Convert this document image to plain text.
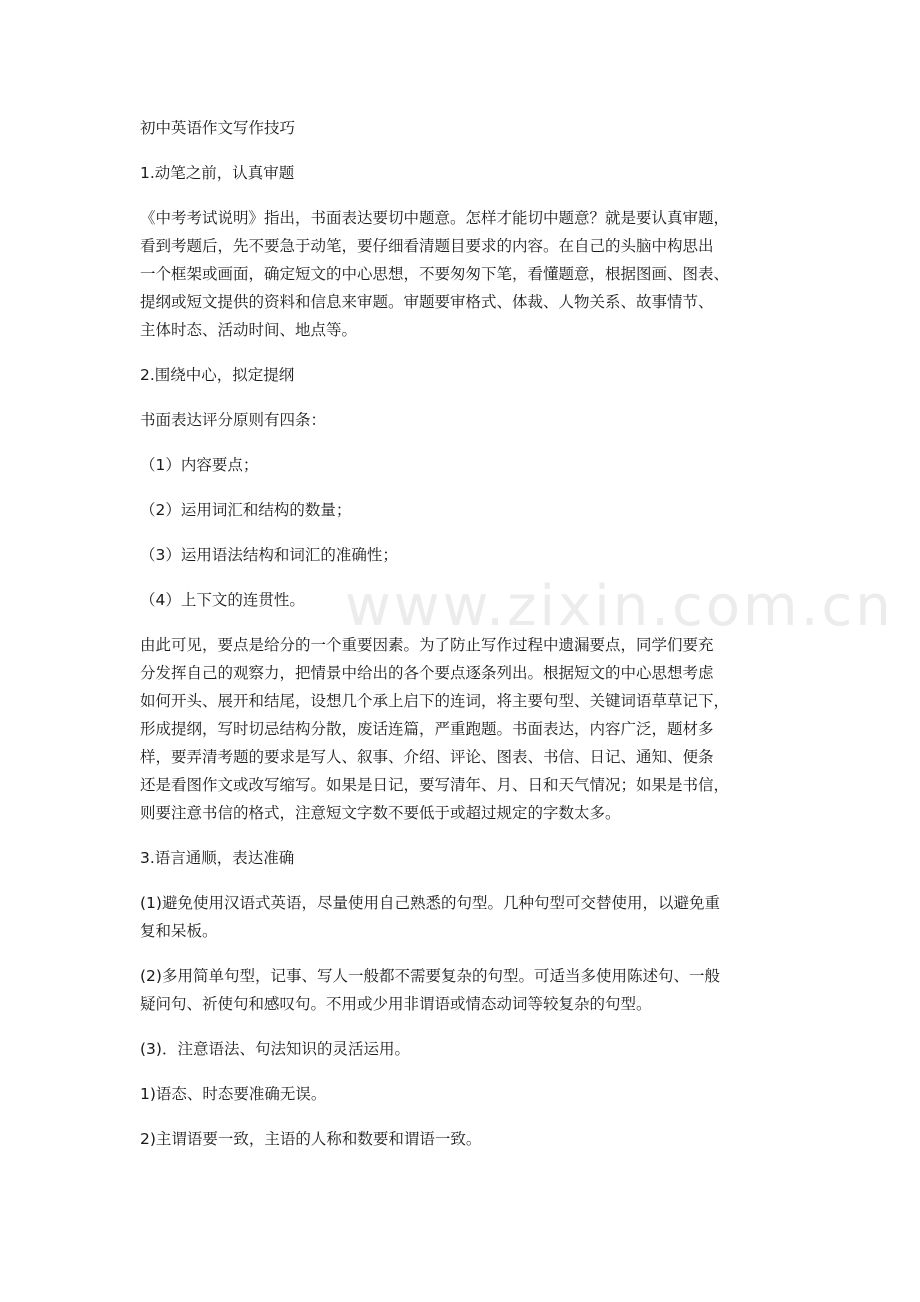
www.zixin.com.cn

初中英语作文写作技巧

1.动笔之前，认真审题

《中考考试说明》指出，书面表达要切中题意。怎样才能切中题意？就是要认真审题，
看到考题后，先不要急于动笔，要仔细看清题目要求的内容。在自己的头脑中构思出
一个框架或画面，确定短文的中心思想，不要匆匆下笔，看懂题意，根据图画、图表、
提纲或短文提供的资料和信息来审题。审题要审格式、体裁、人物关系、故事情节、
主体时态、活动时间、地点等。

2.围绕中心，拟定提纲

书面表达评分原则有四条：

（1）内容要点；

（2）运用词汇和结构的数量；

（3）运用语法结构和词汇的准确性；

（4）上下文的连贯性。

由此可见，要点是给分的一个重要因素。为了防止写作过程中遗漏要点，同学们要充
分发挥自己的观察力，把情景中给出的各个要点逐条列出。根据短文的中心思想考虑
如何开头、展开和结尾，设想几个承上启下的连词，将主要句型、关键词语草草记下，
形成提纲，写时切忌结构分散，废话连篇，严重跑题。书面表达，内容广泛，题材多
样，要弄清考题的要求是写人、叙事、介绍、评论、图表、书信、日记、通知、便条
还是看图作文或改写缩写。如果是日记，要写清年、月、日和天气情况；如果是书信，
则要注意书信的格式，注意短文字数不要低于或超过规定的字数太多。

3.语言通顺，表达准确

(1)避免使用汉语式英语，尽量使用自己熟悉的句型。几种句型可交替使用，以避免重
复和呆板。

(2)多用简单句型，记事、写人一般都不需要复杂的句型。可适当多使用陈述句、一般
疑问句、祈使句和感叹句。不用或少用非谓语或情态动词等较复杂的句型。

(3)．注意语法、句法知识的灵活运用。

1)语态、时态要准确无误。

2)主谓语要一致，主语的人称和数要和谓语一致。
